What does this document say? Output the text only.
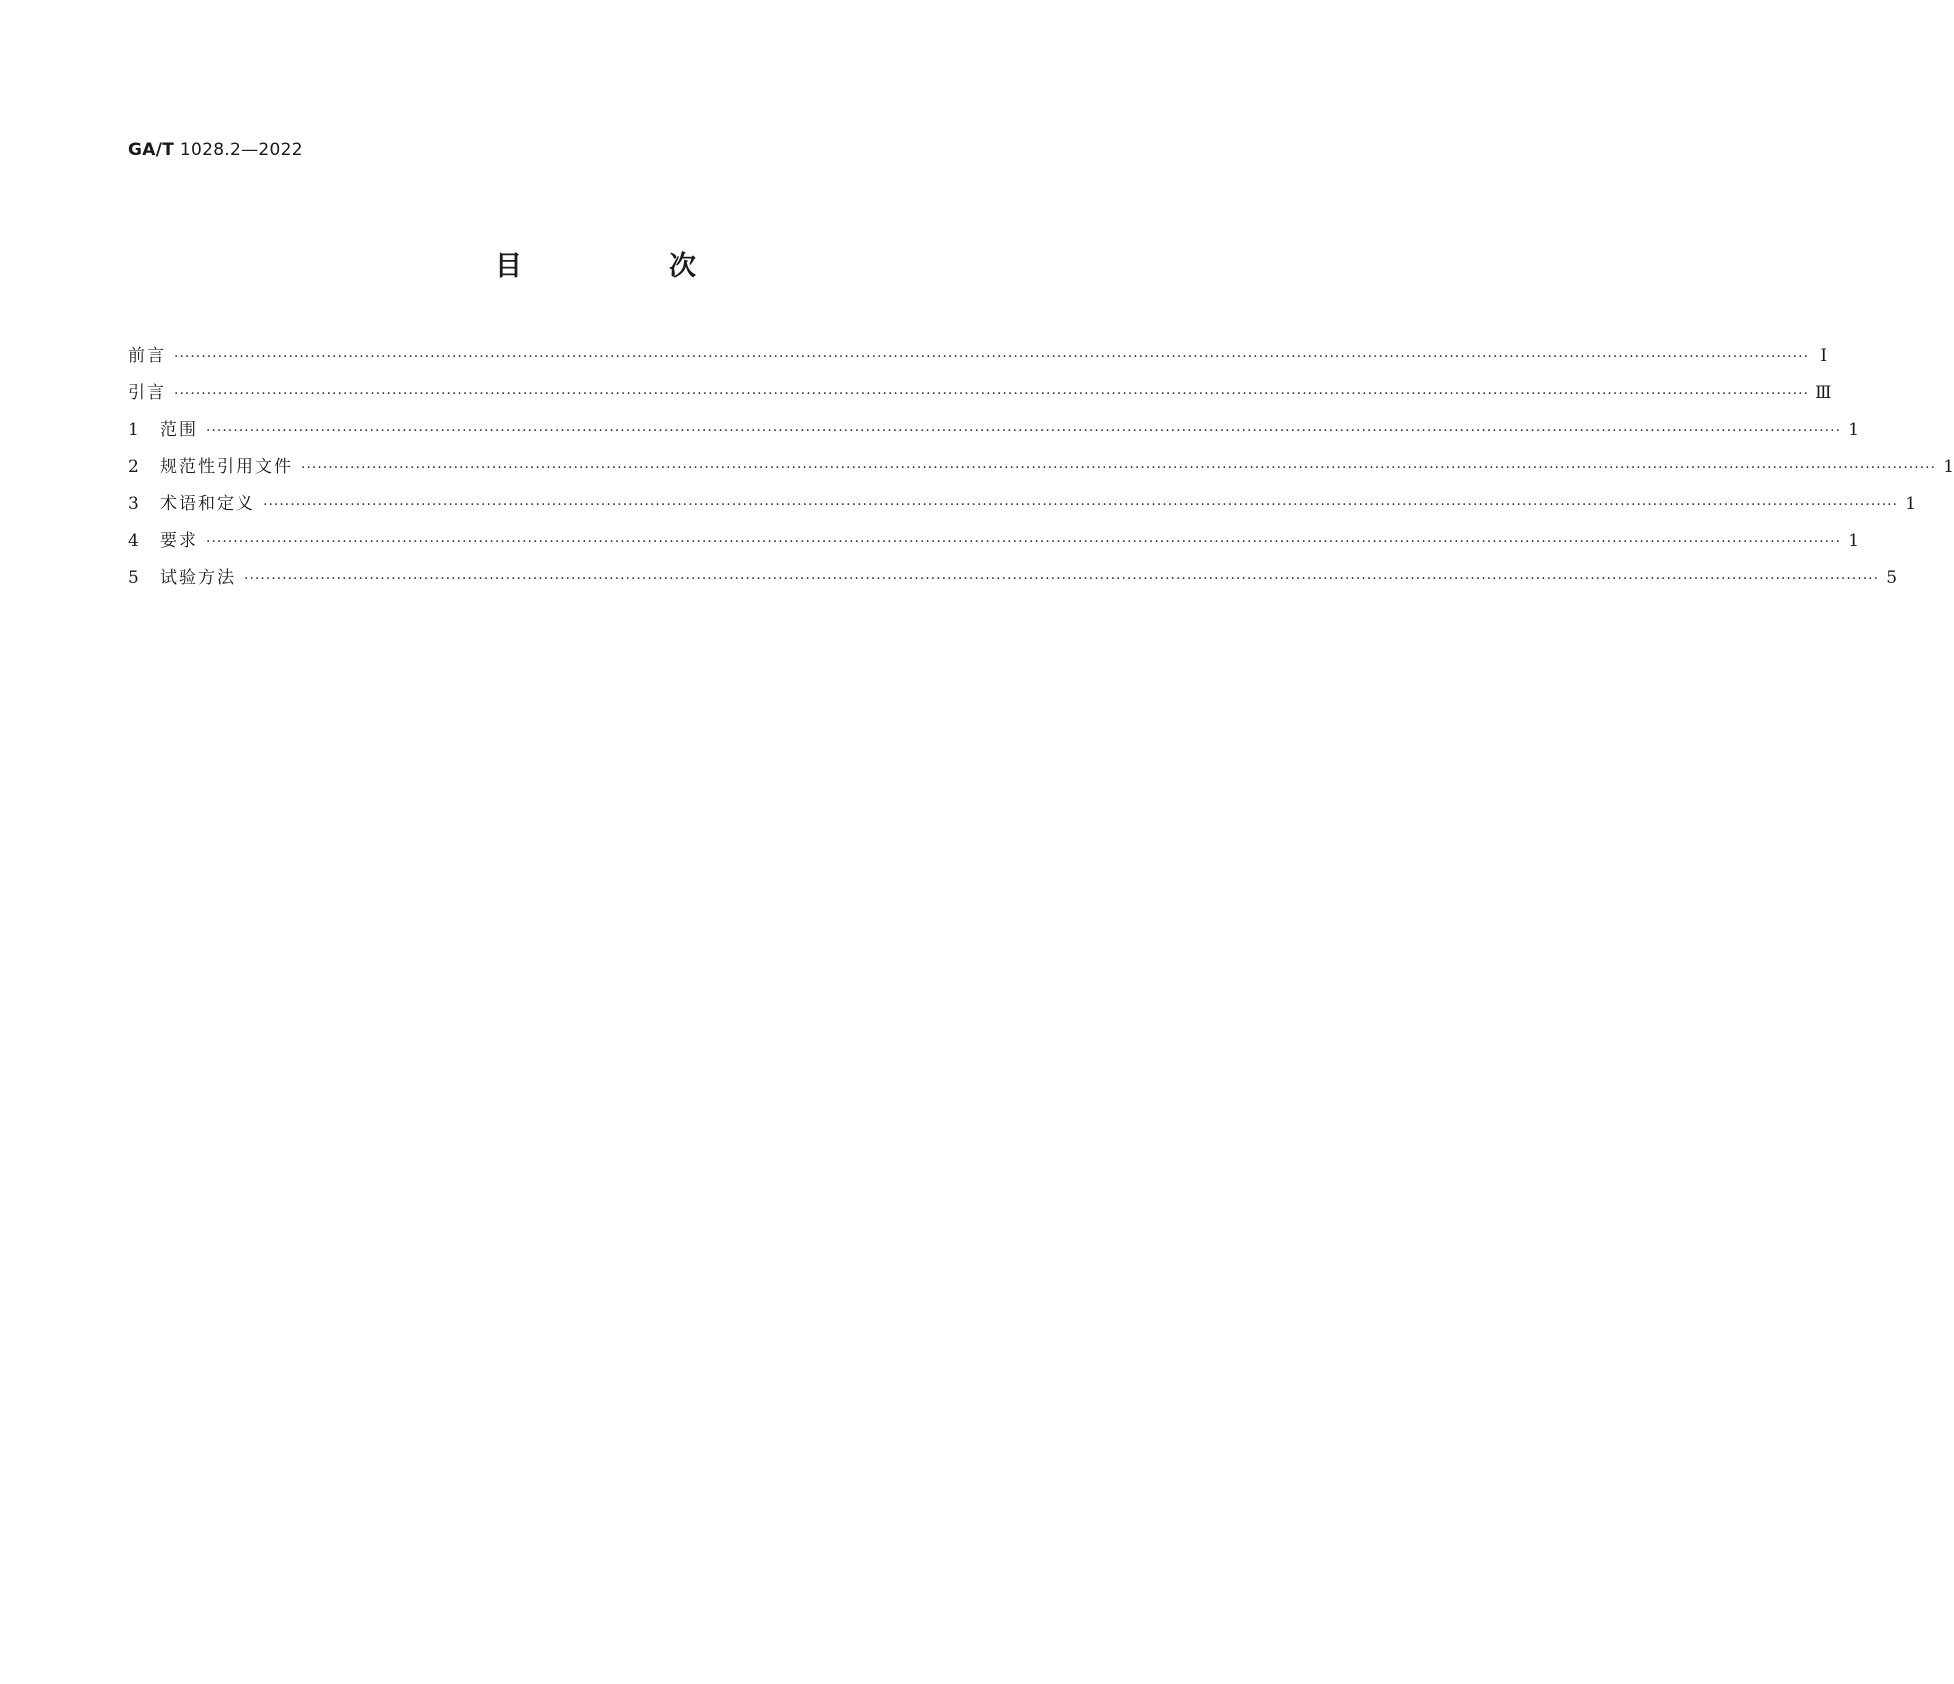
GA/T 1028.2—2022
目　次
前言 ············································································································································································································································································································ Ⅰ
引言 ············································································································································································································································································································ Ⅲ
1	范围 ············································································································································································································································································································ 1
2	规范性引用文件 ············································································································································································································································································································ 1
3	术语和定义 ············································································································································································································································································································ 1
4	要求 ············································································································································································································································································································ 1
5	试验方法 ············································································································································································································································································································ 5
